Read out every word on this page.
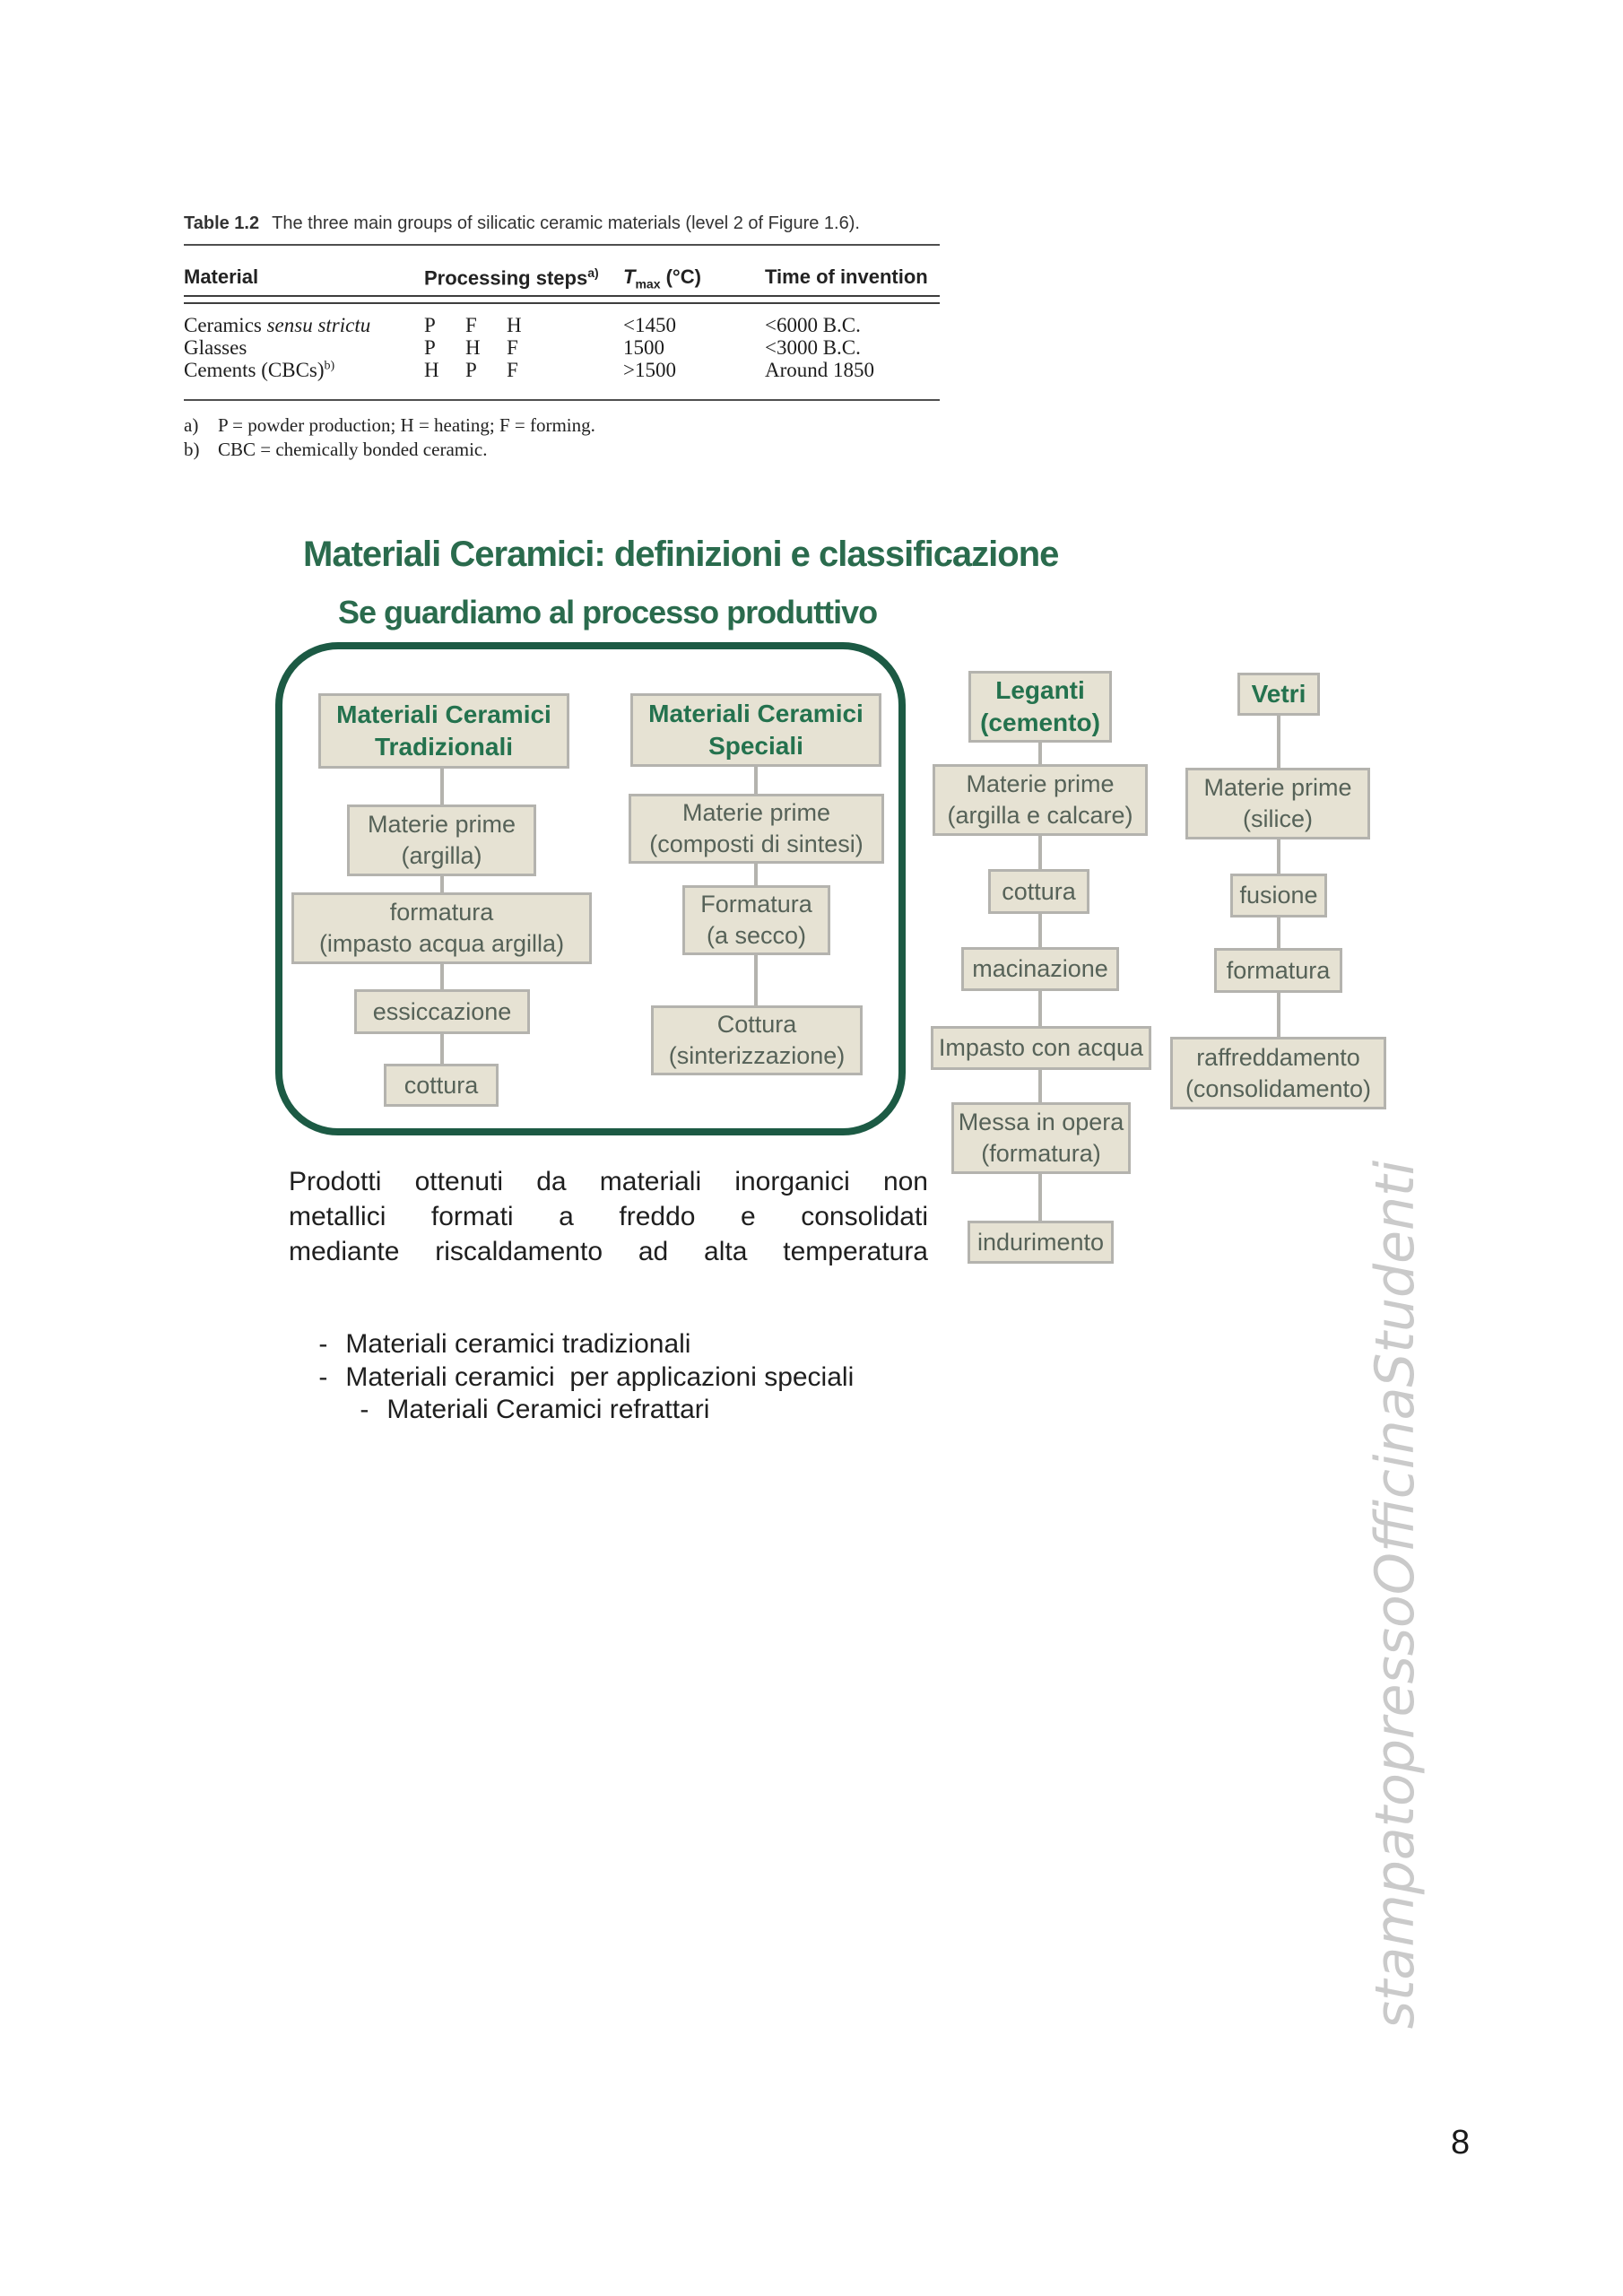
Table 1.2 The three main groups of silicatic ceramic materials (level 2 of Figure 1.6).
Material	Processing steps$^{a)}$	$T_{max}$ (°C)	Time of invention
Ceramics sensu strictu	P F H	<1450	<6000 B.C.
Glasses	P H F	1500	<3000 B.C.
Cements (CBCs)$^{b)}$	H P F	>1500	Around 1850
a) P = powder production; H = heating; F = forming.
b) CBC = chemically bonded ceramic.
Materiali Ceramici: definizioni e classificazione
Se guardiamo al processo produttivo
Materiali Ceramici
Tradizionali
Materie prime
(argilla)
formatura
(impasto acqua argilla)
essiccazione
cottura
Materiali Ceramici
Speciali
Materie prime
(composti di sintesi)
Formatura
(a secco)
Cottura
(sinterizzazione)
Leganti
(cemento)
Materie prime
(argilla e calcare)
cottura
macinazione
Impasto con acqua
Messa in opera
(formatura)
indurimento
Vetri
Materie prime
(silice)
fusione
formatura
raffreddamento
(consolidamento)
Prodotti ottenuti da materiali inorganici non
metallici formati a freddo e consolidati
mediante riscaldamento ad alta temperatura

- Materiali ceramici tradizionali

- Materiali ceramici  per applicazioni speciali

- Materiali Ceramici refrattari
	stampatopressoOfficinaStudenti
8
